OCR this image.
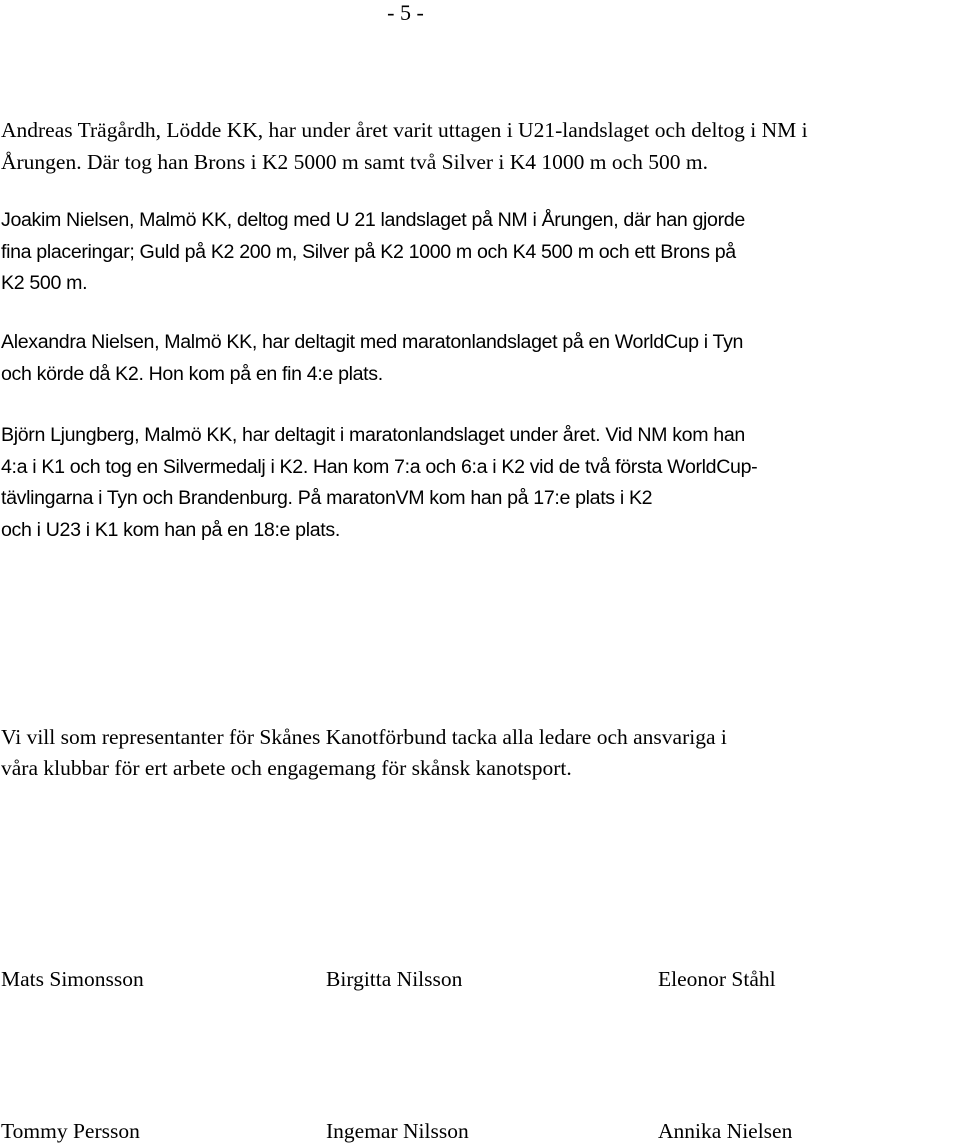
- 5 -

Andreas Trägårdh, Lödde KK, har under året varit uttagen i U21-landslaget och deltog i NM i
Årungen. Där tog han Brons i K2 5000 m samt två Silver i K4 1000 m och 500 m.

Joakim Nielsen, Malmö KK, deltog med U 21 landslaget på NM i Årungen, där han gjorde
fina placeringar; Guld på K2 200 m, Silver på K2 1000 m och K4 500 m och ett Brons på
K2 500 m.

Alexandra Nielsen, Malmö KK, har deltagit med maratonlandslaget på en WorldCup i Tyn
och körde då K2. Hon kom på en fin 4:e plats.

Björn Ljungberg, Malmö KK, har deltagit i maratonlandslaget under året. Vid NM kom han
4:a i K1 och tog en Silvermedalj i K2. Han kom 7:a och 6:a i K2 vid de två första WorldCup-
tävlingarna i Tyn och Brandenburg. På maratonVM kom han på 17:e plats i K2
och i U23 i K1 kom han på en 18:e plats.

Vi vill som representanter för Skånes Kanotförbund tacka alla ledare och ansvariga i
våra klubbar för ert arbete och engagemang för skånsk kanotsport.

Mats Simonsson	Birgitta Nilsson	Eleonor Ståhl
Tommy Persson	Ingemar Nilsson	Annika Nielsen
